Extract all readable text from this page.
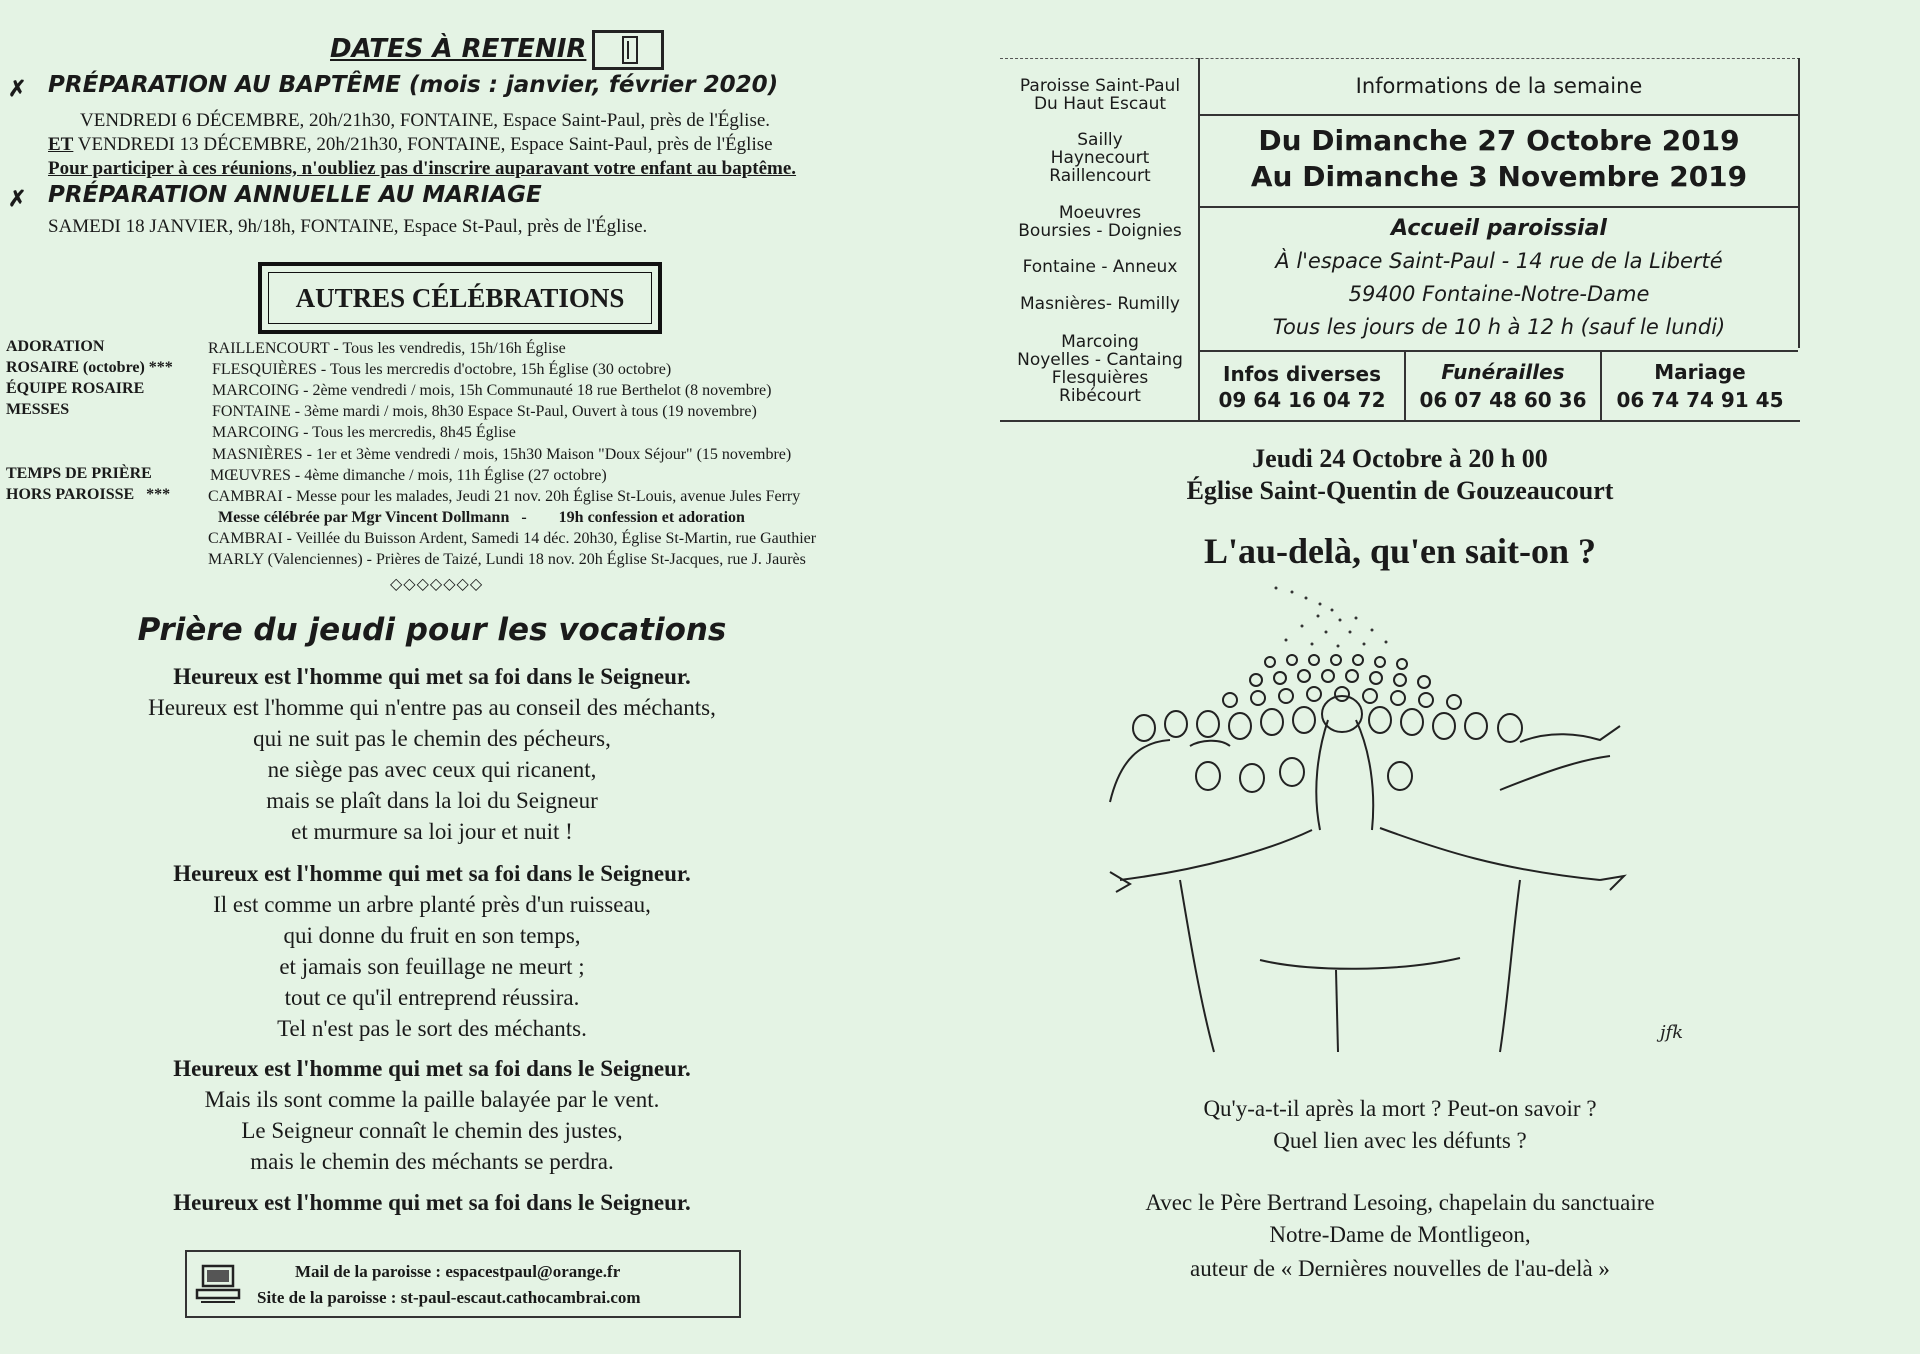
DATES À RETENIR
✗ PRÉPARATION AU BAPTÊME (mois : janvier, février 2020)
VENDREDI 6 DÉCEMBRE, 20h/21h30, FONTAINE, Espace Saint-Paul, près de l'Église.
ET VENDREDI 13 DÉCEMBRE, 20h/21h30, FONTAINE, Espace Saint-Paul, près de l'Église
Pour participer à ces réunions, n'oubliez pas d'inscrire auparavant votre enfant au baptême.
✗ PRÉPARATION ANNUELLE AU MARIAGE
SAMEDI 18 JANVIER, 9h/18h, FONTAINE, Espace St-Paul, près de l'Église.
AUTRES CÉLÉBRATIONS
ADORATION
ROSAIRE (octobre) ***
ÉQUIPE ROSAIRE
MESSES
TEMPS DE PRIÈRE
HORS PAROISSE   ***
RAILLENCOURT - Tous les vendredis, 15h/16h Église
FLESQUIÈRES - Tous les mercredis d'octobre, 15h Église (30 octobre)
MARCOING - 2ème vendredi / mois, 15h Communauté 18 rue Berthelot (8 novembre)
FONTAINE - 3ème mardi / mois, 8h30 Espace St-Paul, Ouvert à tous (19 novembre)
MARCOING - Tous les mercredis, 8h45 Église
MASNIÈRES - 1er et 3ème vendredi / mois, 15h30 Maison "Doux Séjour" (15 novembre)
MŒUVRES - 4ème dimanche / mois, 11h Église (27 octobre)
CAMBRAI - Messe pour les malades, Jeudi 21 nov. 20h Église St-Louis, avenue Jules Ferry
Messe célébrée par Mgr Vincent Dollmann   -        19h confession et adoration
CAMBRAI - Veillée du Buisson Ardent, Samedi 14 déc. 20h30, Église St-Martin, rue Gauthier
MARLY (Valenciennes) - Prières de Taizé, Lundi 18 nov. 20h Église St-Jacques, rue J. Jaurès
◇◇◇◇◇◇◇
Prière du jeudi pour les vocations
Heureux est l'homme qui met sa foi dans le Seigneur.
Heureux est l'homme qui n'entre pas au conseil des méchants,
qui ne suit pas le chemin des pécheurs,
ne siège pas avec ceux qui ricanent,
mais se plaît dans la loi du Seigneur
et murmure sa loi jour et nuit !
Heureux est l'homme qui met sa foi dans le Seigneur.
Il est comme un arbre planté près d'un ruisseau,
qui donne du fruit en son temps,
et jamais son feuillage ne meurt ;
tout ce qu'il entreprend réussira.
Tel n'est pas le sort des méchants.
Heureux est l'homme qui met sa foi dans le Seigneur.
Mais ils sont comme la paille balayée par le vent.
Le Seigneur connaît le chemin des justes,
mais le chemin des méchants se perdra.
Heureux est l'homme qui met sa foi dans le Seigneur.
Mail de la paroisse : espacestpaul@orange.fr
Site de la paroisse : st-paul-escaut.cathocambrai.com
Paroisse Saint-Paul
Du Haut Escaut
Sailly
Haynecourt
Raillencourt
Moeuvres
Boursies - Doignies
Fontaine - Anneux
Masnières- Rumilly
Marcoing
Noyelles - Cantaing
Flesquières
Ribécourt
Informations de la semaine
Du Dimanche 27 Octobre 2019
Au Dimanche 3 Novembre 2019
Accueil paroissial
À l'espace Saint-Paul - 14 rue de la Liberté
59400 Fontaine-Notre-Dame
Tous les jours de 10 h à 12 h (sauf le lundi)
Infos diverses
09 64 16 04 72
Funérailles
06 07 48 60 36
Mariage
06 74 74 91 45
Jeudi 24 Octobre à 20 h 00
Église Saint-Quentin de Gouzeaucourt
L'au-delà, qu'en sait-on ?
jfk
Qu'y-a-t-il après la mort ? Peut-on savoir ?
Quel lien avec les défunts ?
Avec le Père Bertrand Lesoing, chapelain du sanctuaire
Notre-Dame de Montligeon,
auteur de « Dernières nouvelles de l'au-delà »
